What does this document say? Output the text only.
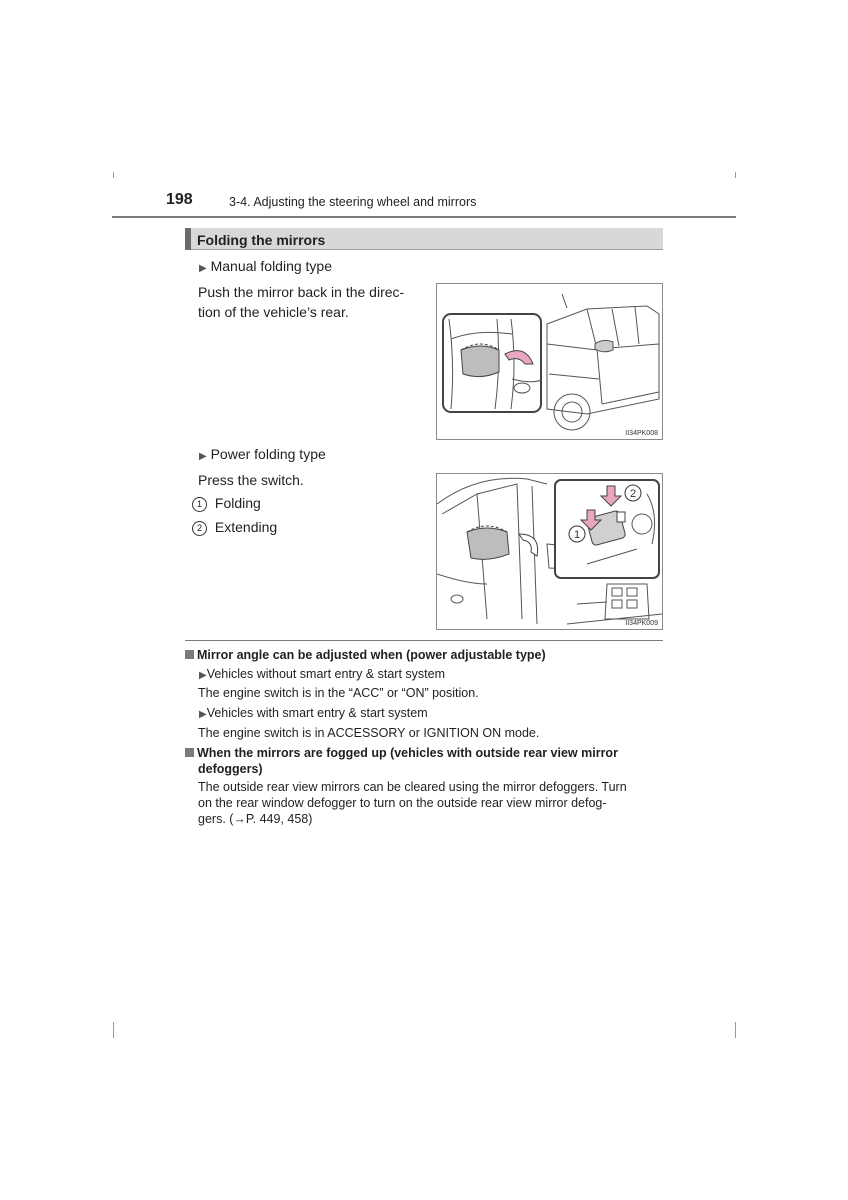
198	3-4. Adjusting the steering wheel and mirrors
Folding the mirrors
▶ Manual folding type
Push the mirror back in the direc-
tion of the vehicle’s rear.
II34PK008
▶ Power folding type
Press the switch.
1 Folding
2 Extending
2
1
II34PK009
Mirror angle can be adjusted when (power adjustable type)
▶Vehicles without smart entry & start system
The engine switch is in the “ACC” or “ON” position.
▶Vehicles with smart entry & start system
The engine switch is in ACCESSORY or IGNITION ON mode.
When the mirrors are fogged up (vehicles with outside rear view mirror
defoggers)
The outside rear view mirrors can be cleared using the mirror defoggers. Turn
on the rear window defogger to turn on the outside rear view mirror defog-
gers. (→P. 449, 458)
